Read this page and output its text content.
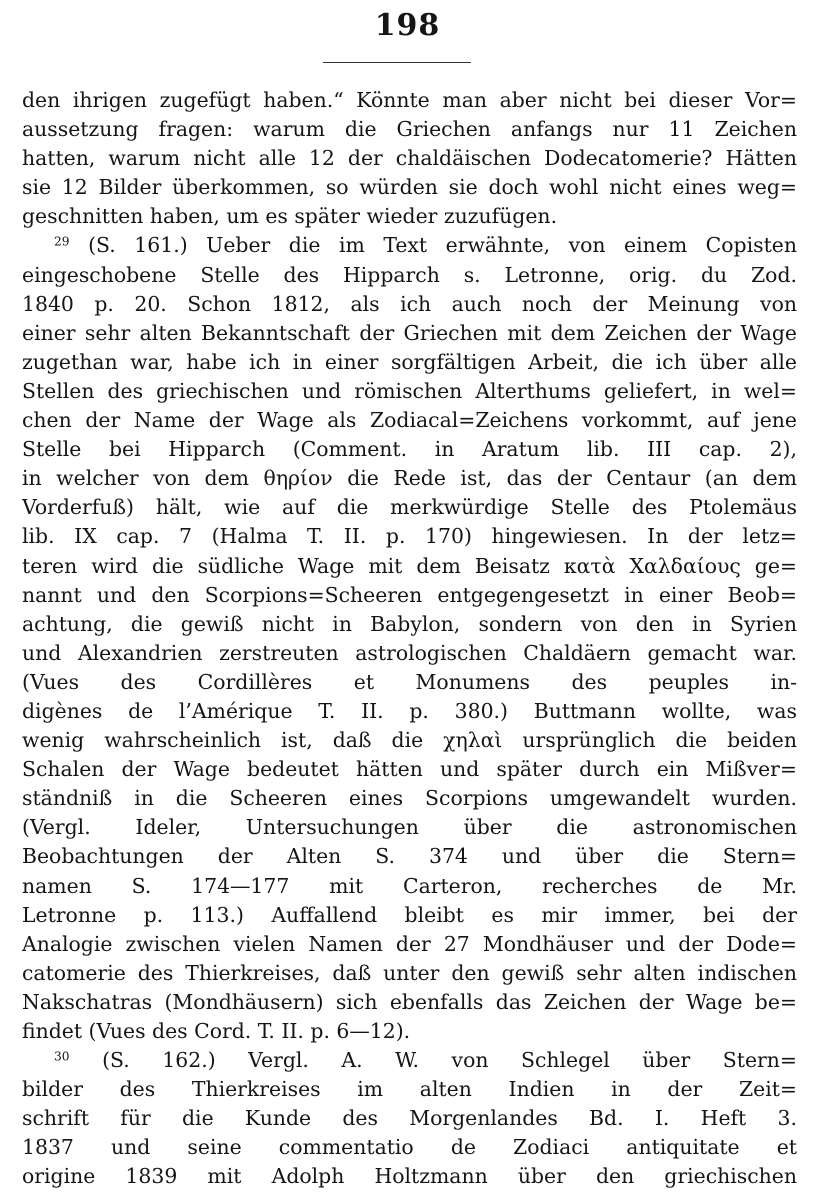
198
den ihrigen zugefügt haben.“ Könnte man aber nicht bei dieser Vor=
aussetzung fragen: warum die Griechen anfangs nur 11 Zeichen
hatten, warum nicht alle 12 der chaldäischen Dodecatomerie? Hätten
sie 12 Bilder überkommen, so würden sie doch wohl nicht eines weg=
geschnitten haben, um es später wieder zuzufügen.
$^{29}$ (S. 161.) Ueber die im Text erwähnte, von einem Copisten
eingeschobene Stelle des Hipparch s. Letronne, orig. du Zod.
1840 p. 20. Schon 1812, als ich auch noch der Meinung von
einer sehr alten Bekanntschaft der Griechen mit dem Zeichen der Wage
zugethan war, habe ich in einer sorgfältigen Arbeit, die ich über alle
Stellen des griechischen und römischen Alterthums geliefert, in wel=
chen der Name der Wage als Zodiacal=Zeichens vorkommt, auf jene
Stelle bei Hipparch (Comment. in Aratum lib. III cap. 2),
in welcher von dem θηρίον die Rede ist, das der Centaur (an dem
Vorderfuß) hält, wie auf die merkwürdige Stelle des Ptolemäus
lib. IX cap. 7 (Halma T. II. p. 170) hingewiesen. In der letz=
teren wird die südliche Wage mit dem Beisatz κατὰ Χαλδαίους ge=
nannt und den Scorpions=Scheeren entgegengesetzt in einer Beob=
achtung, die gewiß nicht in Babylon, sondern von den in Syrien
und Alexandrien zerstreuten astrologischen Chaldäern gemacht war.
(Vues des Cordillères et Monumens des peuples in-
digènes de l’Amérique T. II. p. 380.) Buttmann wollte, was
wenig wahrscheinlich ist, daß die χηλαὶ ursprünglich die beiden
Schalen der Wage bedeutet hätten und später durch ein Mißver=
ständniß in die Scheeren eines Scorpions umgewandelt wurden.
(Vergl. Ideler, Untersuchungen über die astronomischen
Beobachtungen der Alten S. 374 und über die Stern=
namen S. 174—177 mit Carteron, recherches de Mr.
Letronne p. 113.) Auffallend bleibt es mir immer, bei der
Analogie zwischen vielen Namen der 27 Mondhäuser und der Dode=
catomerie des Thierkreises, daß unter den gewiß sehr alten indischen
Nakschatras (Mondhäusern) sich ebenfalls das Zeichen der Wage be=
findet (Vues des Cord. T. II. p. 6—12).
$^{30}$ (S. 162.) Vergl. A. W. von Schlegel über Stern=
bilder des Thierkreises im alten Indien in der Zeit=
schrift für die Kunde des Morgenlandes Bd. I. Heft 3.
1837 und seine commentatio de Zodiaci antiquitate et
origine 1839 mit Adolph Holtzmann über den griechischen
